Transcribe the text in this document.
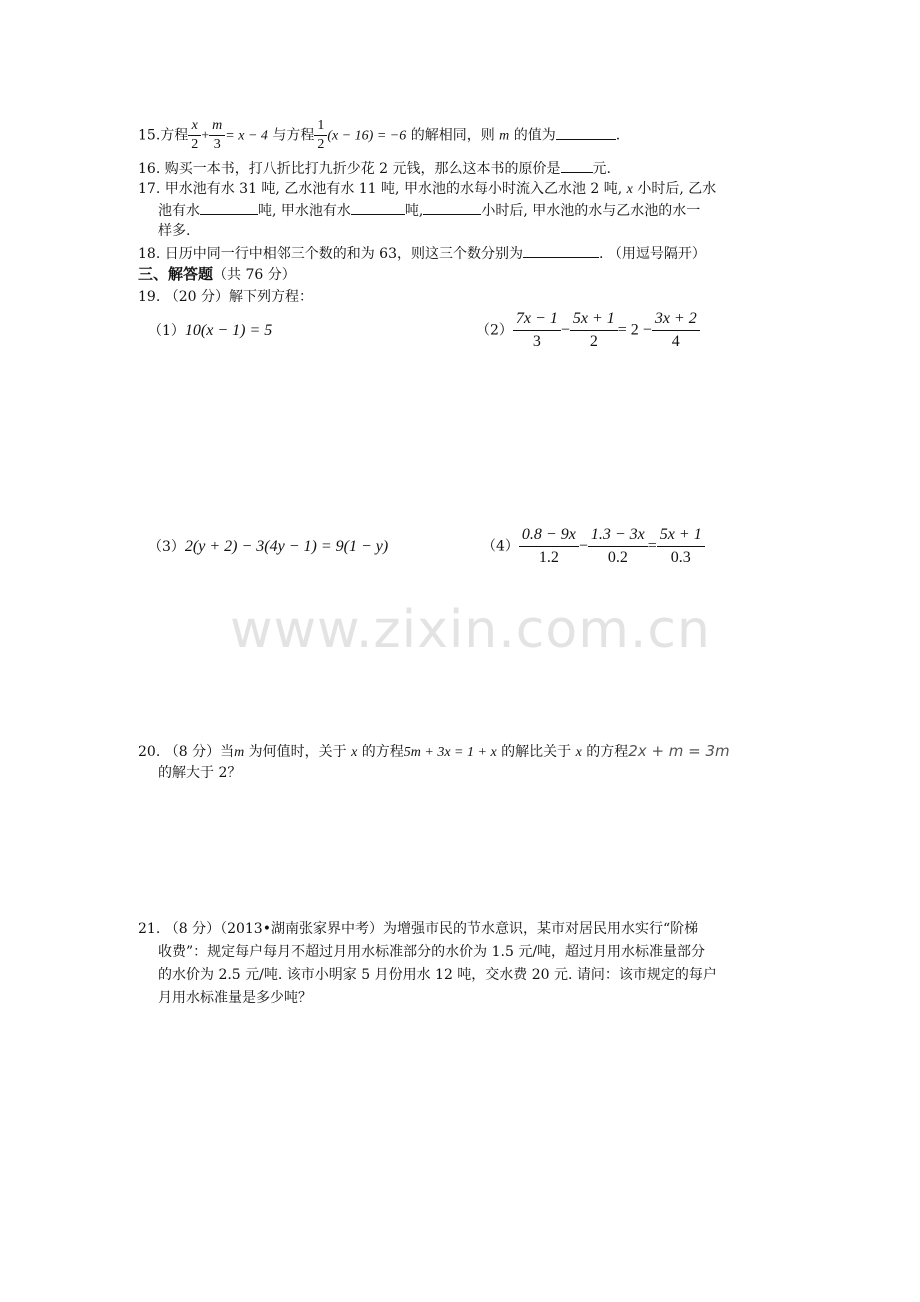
15.方程 $\frac{x}{2} + \frac{m}{3} = x - 4$ 与方程 $\frac{1}{2} (x - 16) = -6$ 的解相同，则 m 的值为	.
16. 购买一本书，打八折比打九折少花 2 元钱，那么这本书的原价是 元.
17. 甲水池有水 31 吨, 乙水池有水 11 吨, 甲水池的水每小时流入乙水池 2 吨, x 小时后, 乙水
池有水	吨, 甲水池有水	吨,	小时后, 甲水池的水与乙水池的水一
样多.
18. 日历中同一行中相邻三个数的和为 63，则这三个数分别为	. （用逗号隔开）
三、解答题（共 76 分）
19. （20 分）解下列方程：
（1）10(x − 1) = 5	$(2) \frac{7x - 1}{3} - \frac{5x + 1}{2} = 2 - \frac{3x + 2}{4}$
（3）2(y + 2) − 3(4y − 1) = 9(1 − y)	$(4) \frac{0.8 - 9x}{1.2} - \frac{1.3 - 3x}{0.2} = \frac{5x + 1}{0.3}$
www.zixin.com.cn
20. （8 分）当m 为何值时，关于 x 的方程5m + 3x = 1 + x 的解比关于 x 的方程2x + m = 3m
的解大于 2？
21. （8 分）（2013•湖南张家界中考）为增强市民的节水意识，某市对居民用水实行“阶梯
收费”：规定每户每月不超过月用水标准部分的水价为 1.5 元/吨，超过月用水标准量部分
的水价为 2.5 元/吨. 该市小明家 5 月份用水 12 吨，交水费 20 元. 请问：该市规定的每户
月用水标准量是多少吨？
